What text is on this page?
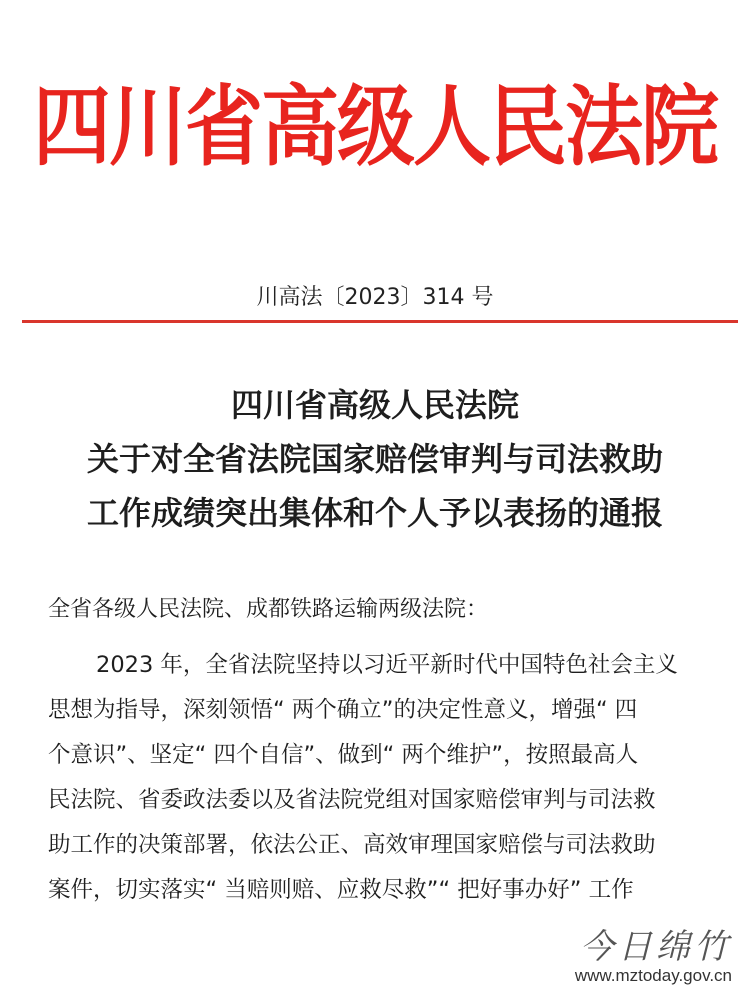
四川省高级人民法院
川高法〔2023〕314 号
四川省高级人民法院
关于对全省法院国家赔偿审判与司法救助
工作成绩突出集体和个人予以表扬的通报
全省各级人民法院、成都铁路运输两级法院：
2023 年，全省法院坚持以习近平新时代中国特色社会主义
思想为指导，深刻领悟“ 两个确立”的决定性意义，增强“ 四
个意识”、坚定“ 四个自信”、做到“ 两个维护”，按照最高人
民法院、省委政法委以及省法院党组对国家赔偿审判与司法救
助工作的决策部署，依法公正、高效审理国家赔偿与司法救助
案件，切实落实“ 当赔则赔、应救尽救”“ 把好事办好” 工作
今日绵竹
www.mztoday.gov.cn
